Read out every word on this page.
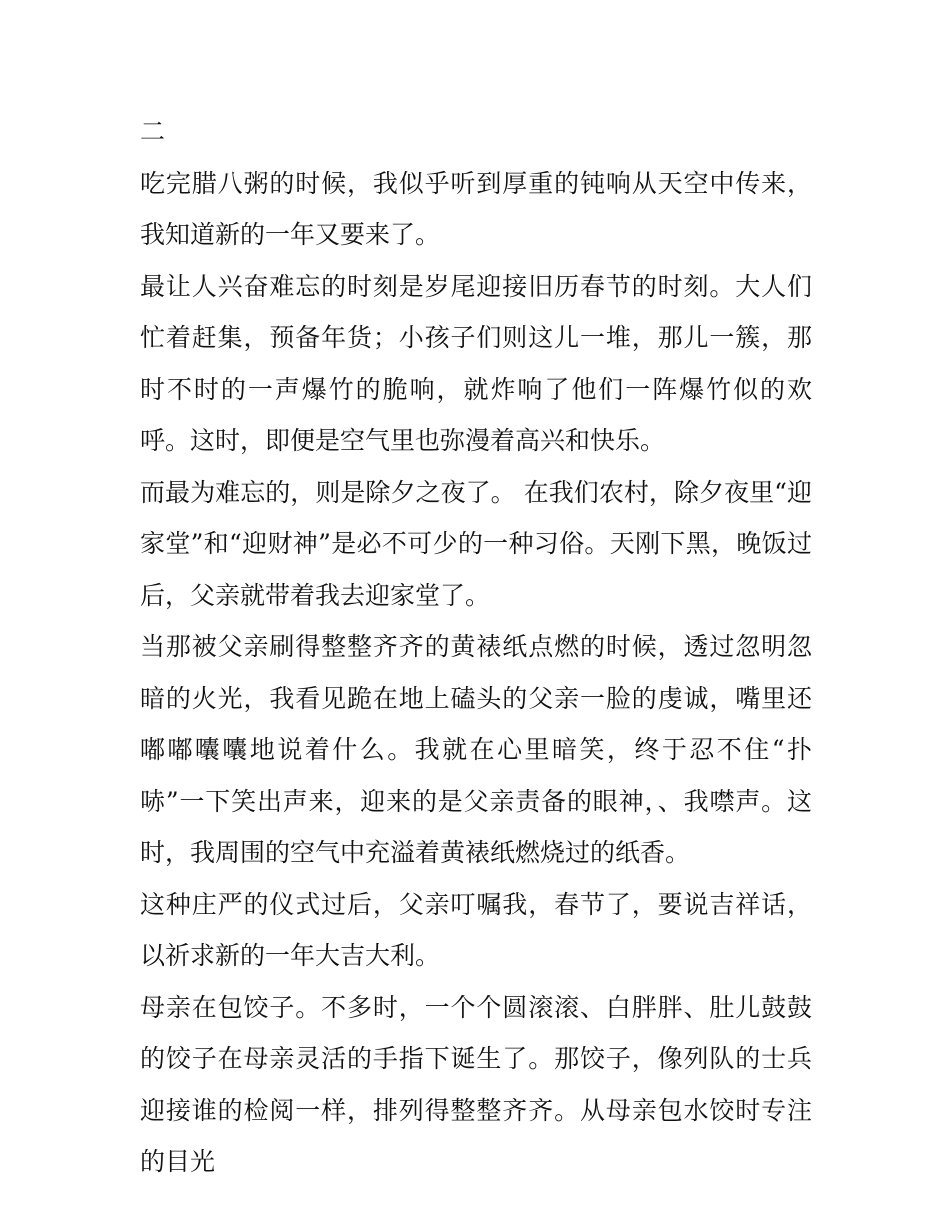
二

吃完腊八粥的时候，我似乎听到厚重的钝响从天空中传来，我知道新的一年又要来了。

最让人兴奋难忘的时刻是岁尾迎接旧历春节的时刻。大人们忙着赶集，预备年货；小孩子们则这儿一堆，那儿一簇，那时不时的一声爆竹的脆响，就炸响了他们一阵爆竹似的欢呼。这时，即便是空气里也弥漫着高兴和快乐。

而最为难忘的，则是除夕之夜了。 在我们农村，除夕夜里“迎家堂”和“迎财神”是必不可少的一种习俗。天刚下黑，晚饭过后，父亲就带着我去迎家堂了。

当那被父亲刷得整整齐齐的黄裱纸点燃的时候，透过忽明忽暗的火光，我看见跪在地上磕头的父亲一脸的虔诚，嘴里还嘟嘟囔囔地说着什么。我就在心里暗笑，终于忍不住“扑哧”一下笑出声来，迎来的是父亲责备的眼神，、我噤声。这时，我周围的空气中充溢着黄裱纸燃烧过的纸香。

这种庄严的仪式过后，父亲叮嘱我，春节了，要说吉祥话，以祈求新的一年大吉大利。

母亲在包饺子。不多时，一个个圆滚滚、白胖胖、肚儿鼓鼓的饺子在母亲灵活的手指下诞生了。那饺子，像列队的士兵迎接谁的检阅一样，排列得整整齐齐。从母亲包水饺时专注的目光
